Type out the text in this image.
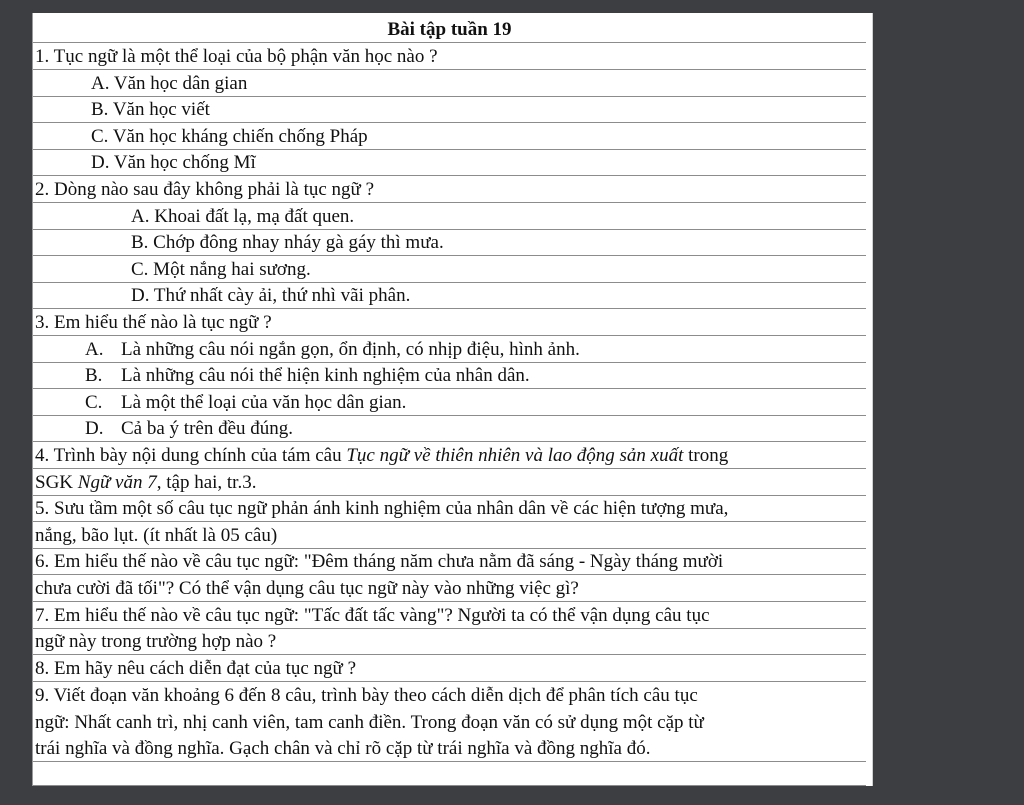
Bài tập tuần 19
1. Tục ngữ là một thể loại của bộ phận văn học nào ?
A. Văn học dân gian
B. Văn học viết
C. Văn học kháng chiến chống Pháp
D. Văn học chống Mĩ
2. Dòng nào sau đây không phải là tục ngữ ?
A. Khoai đất lạ, mạ đất quen.
B. Chớp đông nhay nháy gà gáy thì mưa.
C. Một nắng hai sương.
D. Thứ nhất cày ải, thứ nhì vãi phân.
3. Em hiểu thế nào là tục ngữ ?
A. Là những câu nói ngắn gọn, ổn định, có nhịp điệu, hình ảnh.
B. Là những câu nói thể hiện kinh nghiệm của nhân dân.
C. Là một thể loại của văn học dân gian.
D. Cả ba ý trên đều đúng.
4. Trình bày nội dung chính của tám câu Tục ngữ về thiên nhiên và lao động sản xuất trong
SGK Ngữ văn 7, tập hai, tr.3.
5. Sưu tầm một số câu tục ngữ phản ánh kinh nghiệm của nhân dân về các hiện tượng mưa,
nắng, bão lụt. (ít nhất là 05 câu)
6. Em hiểu thế nào về câu tục ngữ: "Đêm tháng năm chưa nằm đã sáng - Ngày tháng mười
chưa cười đã tối"? Có thể vận dụng câu tục ngữ này vào những việc gì?
7. Em hiểu thế nào về câu tục ngữ: "Tấc đất tấc vàng"? Người ta có thể vận dụng câu tục
ngữ này trong trường hợp nào ?
8. Em hãy nêu cách diễn đạt của tục ngữ ?
9. Viết đoạn văn khoảng 6 đến 8 câu, trình bày theo cách diễn dịch để phân tích câu tục
ngữ: Nhất canh trì, nhị canh viên, tam canh điền. Trong đoạn văn có sử dụng một cặp từ
trái nghĩa và đồng nghĩa. Gạch chân và chỉ rõ cặp từ trái nghĩa và đồng nghĩa đó.
